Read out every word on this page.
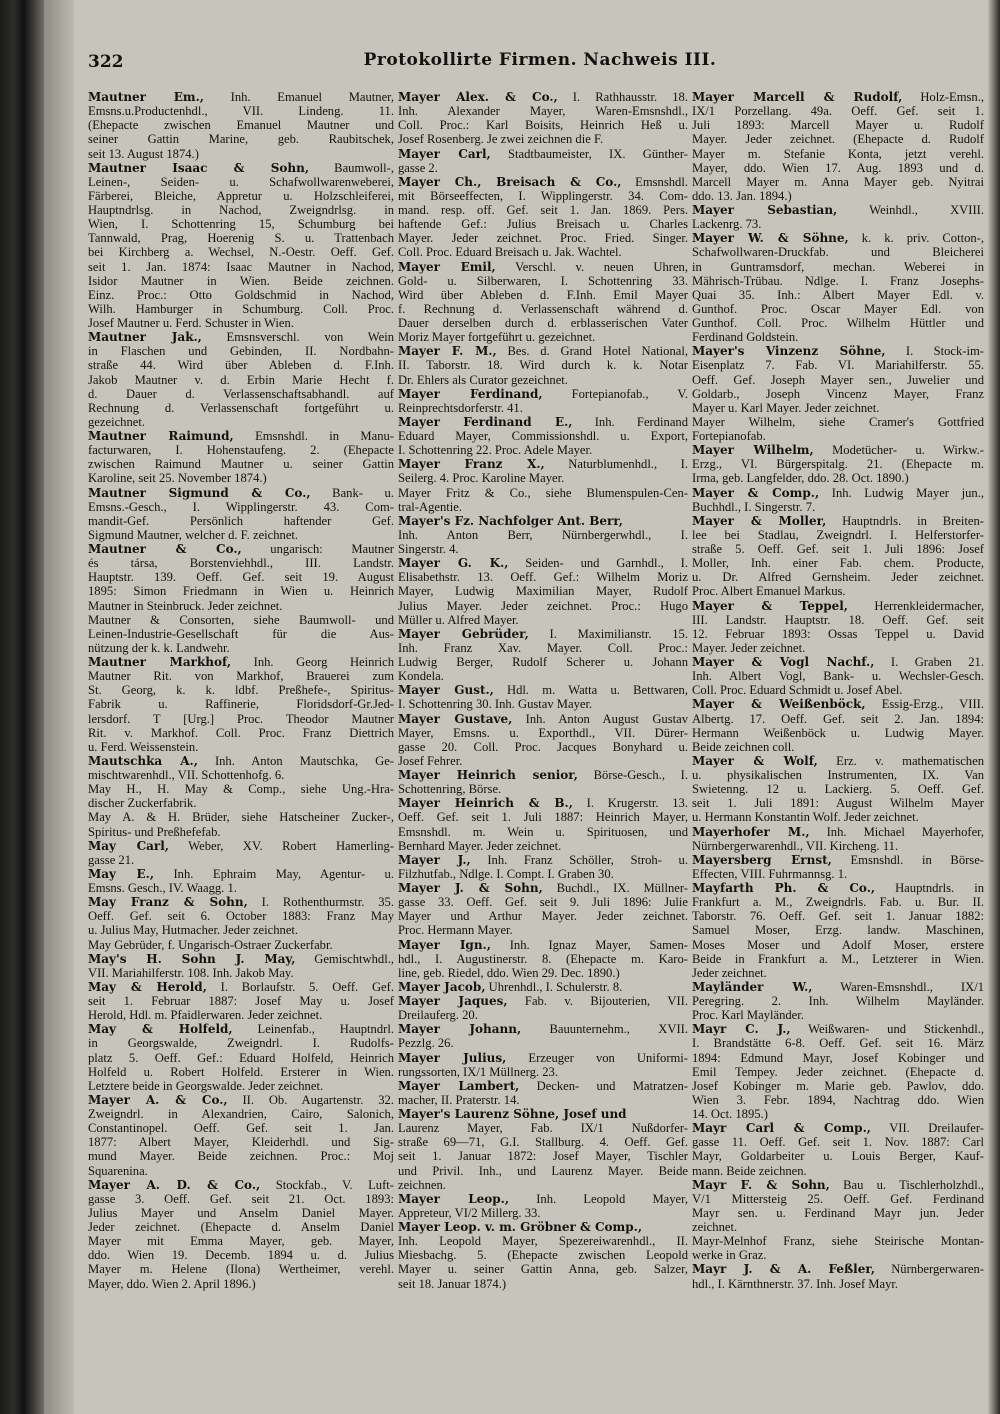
322	Protokollirte Firmen. Nachweis III.
Mautner Em., Inh. Emanuel Mautner,
Emsns.u.Productenhdl., VII. Lindeng. 11.
(Ehepacte zwischen Emanuel Mautner und
seiner Gattin Marine, geb. Raubitschek,
seit 13. August 1874.)
Mautner Isaac & Sohn, Baumwoll-,
Leinen-, Seiden- u. Schafwollwarenweberei,
Färberei, Bleiche, Appretur u. Holzschleiferei,
Hauptndrlsg. in Nachod, Zweigndrlsg. in
Wien, I. Schottenring 15, Schumburg bei
Tannwald, Prag, Hoerenig S. u. Trattenbach
bei Kirchberg a. Wechsel, N.-Oestr. Oeff. Gef.
seit 1. Jan. 1874: Isaac Mautner in Nachod,
Isidor Mautner in Wien. Beide zeichnen.
Einz. Proc.: Otto Goldschmid in Nachod,
Wilh. Hamburger in Schumburg. Coll. Proc.
Josef Mautner u. Ferd. Schuster in Wien.
Mautner Jak., Emsnsverschl. von Wein
in Flaschen und Gebinden, II. Nordbahn-
straße 44. Wird über Ableben d. F.Inh.
Jakob Mautner v. d. Erbin Marie Hecht f.
d. Dauer d. Verlassenschaftsabhandl. auf
Rechnung d. Verlassenschaft fortgeführt u.
gezeichnet.
Mautner Raimund, Emsnshdl. in Manu-
facturwaren, I. Hohenstaufeng. 2. (Ehepacte
zwischen Raimund Mautner u. seiner Gattin
Karoline, seit 25. November 1874.)
Mautner Sigmund & Co., Bank- u.
Emsns.-Gesch., I. Wipplingerstr. 43. Com-
mandit-Gef. Persönlich haftender Gef.
Sigmund Mautner, welcher d. F. zeichnet.
Mautner & Co., ungarisch: Mautner
és társa, Borstenviehhdl., III. Landstr.
Hauptstr. 139. Oeff. Gef. seit 19. August
1895: Simon Friedmann in Wien u. Heinrich
Mautner in Steinbruck. Jeder zeichnet.
Mautner & Consorten, siehe Baumwoll- und
Leinen-Industrie-Gesellschaft für die Aus-
nützung der k. k. Landwehr.
Mautner Markhof, Inh. Georg Heinrich
Mautner Rit. von Markhof, Brauerei zum
St. Georg, k. k. ldbf. Preßhefe-, Spiritus-
Fabrik u. Raffinerie, Floridsdorf-Gr.Jed-
lersdorf. T [Urg.] Proc. Theodor Mautner
Rit. v. Markhof. Coll. Proc. Franz Diettrich
u. Ferd. Weissenstein.
Mautschka A., Inh. Anton Mautschka, Ge-
mischtwarenhdl., VII. Schottenhofg. 6.
May H., H. May & Comp., siehe Ung.-Hra-
discher Zuckerfabrik.
May A. & H. Brüder, siehe Hatscheiner Zucker-,
Spiritus- und Preßhefefab.
May Carl, Weber, XV. Robert Hamerling-
gasse 21.
May E., Inh. Ephraim May, Agentur- u.
Emsns. Gesch., IV. Waagg. 1.
May Franz & Sohn, I. Rothenthurmstr. 35.
Oeff. Gef. seit 6. October 1883: Franz May
u. Julius May, Hutmacher. Jeder zeichnet.
May Gebrüder, f. Ungarisch-Ostraer Zuckerfabr.
May's H. Sohn J. May, Gemischtwhdl.,
VII. Mariahilferstr. 108. Inh. Jakob May.
May & Herold, I. Borlaufstr. 5. Oeff. Gef.
seit 1. Februar 1887: Josef May u. Josef
Herold, Hdl. m. Pfaidlerwaren. Jeder zeichnet.
May & Holfeld, Leinenfab., Hauptndrl.
in Georgswalde, Zweigndrl. I. Rudolfs-
platz 5. Oeff. Gef.: Eduard Holfeld, Heinrich
Holfeld u. Robert Holfeld. Ersterer in Wien.
Letztere beide in Georgswalde. Jeder zeichnet.
Mayer A. & Co., II. Ob. Augartenstr. 32.
Zweigndrl. in Alexandrien, Cairo, Salonich,
Constantinopel. Oeff. Gef. seit 1. Jan.
1877: Albert Mayer, Kleiderhdl. und Sig-
mund Mayer. Beide zeichnen. Proc.: Moj
Squarenina.
Mayer A. D. & Co., Stockfab., V. Luft-
gasse 3. Oeff. Gef. seit 21. Oct. 1893:
Julius Mayer und Anselm Daniel Mayer.
Jeder zeichnet. (Ehepacte d. Anselm Daniel
Mayer mit Emma Mayer, geb. Mayer,
ddo. Wien 19. Decemb. 1894 u. d. Julius
Mayer m. Helene (Ilona) Wertheimer, verehl.
Mayer, ddo. Wien 2. April 1896.)
Mayer Alex. & Co., I. Rathhausstr. 18.
Inh. Alexander Mayer, Waren-Emsnshdl.,
Coll. Proc.: Karl Boisits, Heinrich Heß u.
Josef Rosenberg. Je zwei zeichnen die F.
Mayer Carl, Stadtbaumeister, IX. Günther-
gasse 2.
Mayer Ch., Breisach & Co., Emsnshdl.
mit Börseeffecten, I. Wipplingerstr. 34. Com-
mand. resp. off. Gef. seit 1. Jan. 1869. Pers.
haftende Gef.: Julius Breisach u. Charles
Mayer. Jeder zeichnet. Proc. Fried. Singer.
Coll. Proc. Eduard Breisach u. Jak. Wachtel.
Mayer Emil, Verschl. v. neuen Uhren,
Gold- u. Silberwaren, I. Schottenring 33.
Wird über Ableben d. F.Inh. Emil Mayer
f. Rechnung d. Verlassenschaft während d.
Dauer derselben durch d. erblasserischen Vater
Moriz Mayer fortgeführt u. gezeichnet.
Mayer F. M., Bes. d. Grand Hotel National,
II. Taborstr. 18. Wird durch k. k. Notar
Dr. Ehlers als Curator gezeichnet.
Mayer Ferdinand, Fortepianofab., V.
Reinprechtsdorferstr. 41.
Mayer Ferdinand E., Inh. Ferdinand
Eduard Mayer, Commissionshdl. u. Export,
I. Schottenring 22. Proc. Adele Mayer.
Mayer Franz X., Naturblumenhdl., I.
Seilerg. 4. Proc. Karoline Mayer.
Mayer Fritz & Co., siehe Blumenspulen-Cen-
tral-Agentie.
Mayer's Fz. Nachfolger Ant. Berr,
Inh. Anton Berr, Nürnbergerwhdl., I.
Singerstr. 4.
Mayer G. K., Seiden- und Garnhdl., I.
Elisabethstr. 13. Oeff. Gef.: Wilhelm Moriz
Mayer, Ludwig Maximilian Mayer, Rudolf
Julius Mayer. Jeder zeichnet. Proc.: Hugo
Müller u. Alfred Mayer.
Mayer Gebrüder, I. Maximilianstr. 15.
Inh. Franz Xav. Mayer. Coll. Proc.:
Ludwig Berger, Rudolf Scherer u. Johann
Kondela.
Mayer Gust., Hdl. m. Watta u. Bettwaren,
I. Schottenring 30. Inh. Gustav Mayer.
Mayer Gustave, Inh. Anton August Gustav
Mayer, Emsns. u. Exporthdl., VII. Dürer-
gasse 20. Coll. Proc. Jacques Bonyhard u.
Josef Fehrer.
Mayer Heinrich senior, Börse-Gesch., I.
Schottenring, Börse.
Mayer Heinrich & B., I. Krugerstr. 13.
Oeff. Gef. seit 1. Juli 1887: Heinrich Mayer,
Emsnshdl. m. Wein u. Spirituosen, und
Bernhard Mayer. Jeder zeichnet.
Mayer J., Inh. Franz Schöller, Stroh- u.
Filzhutfab., Ndlge. I. Compt. I. Graben 30.
Mayer J. & Sohn, Buchdl., IX. Müllner-
gasse 33. Oeff. Gef. seit 9. Juli 1896: Julie
Mayer und Arthur Mayer. Jeder zeichnet.
Proc. Hermann Mayer.
Mayer Ign., Inh. Ignaz Mayer, Samen-
hdl., I. Augustinerstr. 8. (Ehepacte m. Karo-
line, geb. Riedel, ddo. Wien 29. Dec. 1890.)
Mayer Jacob, Uhrenhdl., I. Schulerstr. 8.
Mayer Jaques, Fab. v. Bijouterien, VII.
Dreilauferg. 20.
Mayer Johann, Bauunternehm., XVII.
Pezzlg. 26.
Mayer Julius, Erzeuger von Uniformi-
rungssorten, IX/1 Müllnerg. 23.
Mayer Lambert, Decken- und Matratzen-
macher, II. Praterstr. 14.
Mayer's Laurenz Söhne, Josef und
Laurenz Mayer, Fab. IX/1 Nußdorfer-
straße 69—71, G.I. Stallburg. 4. Oeff. Gef.
seit 1. Januar 1872: Josef Mayer, Tischler
und Privil. Inh., und Laurenz Mayer. Beide
zeichnen.
Mayer Leop., Inh. Leopold Mayer,
Appreteur, VI/2 Millerg. 33.
Mayer Leop. v. m. Gröbner & Comp.,
Inh. Leopold Mayer, Spezereiwarenhdl., II.
Miesbachg. 5. (Ehepacte zwischen Leopold
Mayer u. seiner Gattin Anna, geb. Salzer,
seit 18. Januar 1874.)
Mayer Marcell & Rudolf, Holz-Emsn.,
IX/1 Porzellang. 49a. Oeff. Gef. seit 1.
Juli 1893: Marcell Mayer u. Rudolf
Mayer. Jeder zeichnet. (Ehepacte d. Rudolf
Mayer m. Stefanie Konta, jetzt verehl.
Mayer, ddo. Wien 17. Aug. 1893 und d.
Marcell Mayer m. Anna Mayer geb. Nyitrai
ddo. 13. Jan. 1894.)
Mayer Sebastian, Weinhdl., XVIII.
Lackenrg. 73.
Mayer W. & Söhne, k. k. priv. Cotton-,
Schafwollwaren-Druckfab. und Bleicherei
in Guntramsdorf, mechan. Weberei in
Mährisch-Trübau. Ndlge. I. Franz Josephs-
Quai 35. Inh.: Albert Mayer Edl. v.
Gunthof. Proc. Oscar Mayer Edl. von
Gunthof. Coll. Proc. Wilhelm Hüttler und
Ferdinand Goldstein.
Mayer's Vinzenz Söhne, I. Stock-im-
Eisenplatz 7. Fab. VI. Mariahilferstr. 55.
Oeff. Gef. Joseph Mayer sen., Juwelier und
Goldarb., Joseph Vincenz Mayer, Franz
Mayer u. Karl Mayer. Jeder zeichnet.
Mayer Wilhelm, siehe Cramer's Gottfried
Fortepianofab.
Mayer Wilhelm, Modetücher- u. Wirkw.-
Erzg., VI. Bürgerspitalg. 21. (Ehepacte m.
Irma, geb. Langfelder, ddo. 28. Oct. 1890.)
Mayer & Comp., Inh. Ludwig Mayer jun.,
Buchhdl., I. Singerstr. 7.
Mayer & Moller, Hauptndrls. in Breiten-
lee bei Stadlau, Zweigndrl. I. Helferstorfer-
straße 5. Oeff. Gef. seit 1. Juli 1896: Josef
Moller, Inh. einer Fab. chem. Producte,
u. Dr. Alfred Gernsheim. Jeder zeichnet.
Proc. Albert Emanuel Markus.
Mayer & Teppel, Herrenkleidermacher,
III. Landstr. Hauptstr. 18. Oeff. Gef. seit
12. Februar 1893: Ossas Teppel u. David
Mayer. Jeder zeichnet.
Mayer & Vogl Nachf., I. Graben 21.
Inh. Albert Vogl, Bank- u. Wechsler-Gesch.
Coll. Proc. Eduard Schmidt u. Josef Abel.
Mayer & Weißenböck, Essig-Erzg., VIII.
Albertg. 17. Oeff. Gef. seit 2. Jan. 1894:
Hermann Weißenböck u. Ludwig Mayer.
Beide zeichnen coll.
Mayer & Wolf, Erz. v. mathematischen
u. physikalischen Instrumenten, IX. Van
Swietenng. 12 u. Lackierg. 5. Oeff. Gef.
seit 1. Juli 1891: August Wilhelm Mayer
u. Hermann Konstantin Wolf. Jeder zeichnet.
Mayerhofer M., Inh. Michael Mayerhofer,
Nürnbergerwarenhdl., VII. Kircheng. 11.
Mayersberg Ernst, Emsnshdl. in Börse-
Effecten, VIII. Fuhrmannsg. 1.
Mayfarth Ph. & Co., Hauptndrls. in
Frankfurt a. M., Zweigndrls. Fab. u. Bur. II.
Taborstr. 76. Oeff. Gef. seit 1. Januar 1882:
Samuel Moser, Erzg. landw. Maschinen,
Moses Moser und Adolf Moser, erstere
Beide in Frankfurt a. M., Letzterer in Wien.
Jeder zeichnet.
Mayländer W., Waren-Emsnshdl., IX/1
Peregring. 2. Inh. Wilhelm Mayländer.
Proc. Karl Mayländer.
Mayr C. J., Weißwaren- und Stickenhdl.,
I. Brandstätte 6-8. Oeff. Gef. seit 16. März
1894: Edmund Mayr, Josef Kobinger und
Emil Tempey. Jeder zeichnet. (Ehepacte d.
Josef Kobinger m. Marie geb. Pawlov, ddo.
Wien 3. Febr. 1894, Nachtrag ddo. Wien
14. Oct. 1895.)
Mayr Carl & Comp., VII. Dreilaufer-
gasse 11. Oeff. Gef. seit 1. Nov. 1887: Carl
Mayr, Goldarbeiter u. Louis Berger, Kauf-
mann. Beide zeichnen.
Mayr F. & Sohn, Bau u. Tischlerholzhdl.,
V/1 Mittersteig 25. Oeff. Gef. Ferdinand
Mayr sen. u. Ferdinand Mayr jun. Jeder
zeichnet.
Mayr-Melnhof Franz, siehe Steirische Montan-
werke in Graz.
Mayr J. & A. Feßler, Nürnbergerwaren-
hdl., I. Kärnthnerstr. 37. Inh. Josef Mayr.
